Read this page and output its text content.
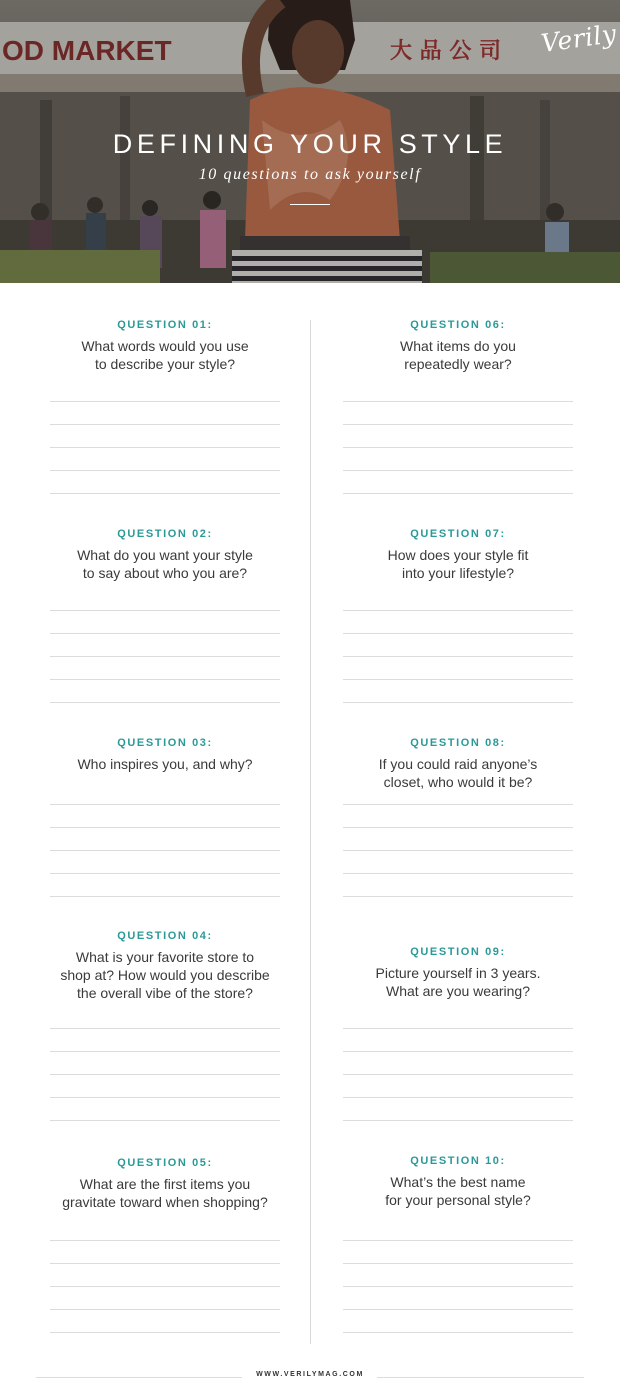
OD MARKET	大 品 公 司 Verily
DEFINING YOUR STYLE
10 questions to ask yourself
QUESTION 01:
What words would you use
to describe your style?
QUESTION 02:
What do you want your style
to say about who you are?
QUESTION 03:
Who inspires you, and why?
QUESTION 04:
What is your favorite store to
shop at? How would you describe
the overall vibe of the store?
QUESTION 05:
What are the first items you
gravitate toward when shopping?
QUESTION 06:
What items do you
repeatedly wear?
QUESTION 07:
How does your style fit
into your lifestyle?
QUESTION 08:
If you could raid anyone’s
closet, who would it be?
QUESTION 09:
Picture yourself in 3 years.
What are you wearing?
QUESTION 10:
What’s the best name
for your personal style?
WWW.VERILYMAG.COM
